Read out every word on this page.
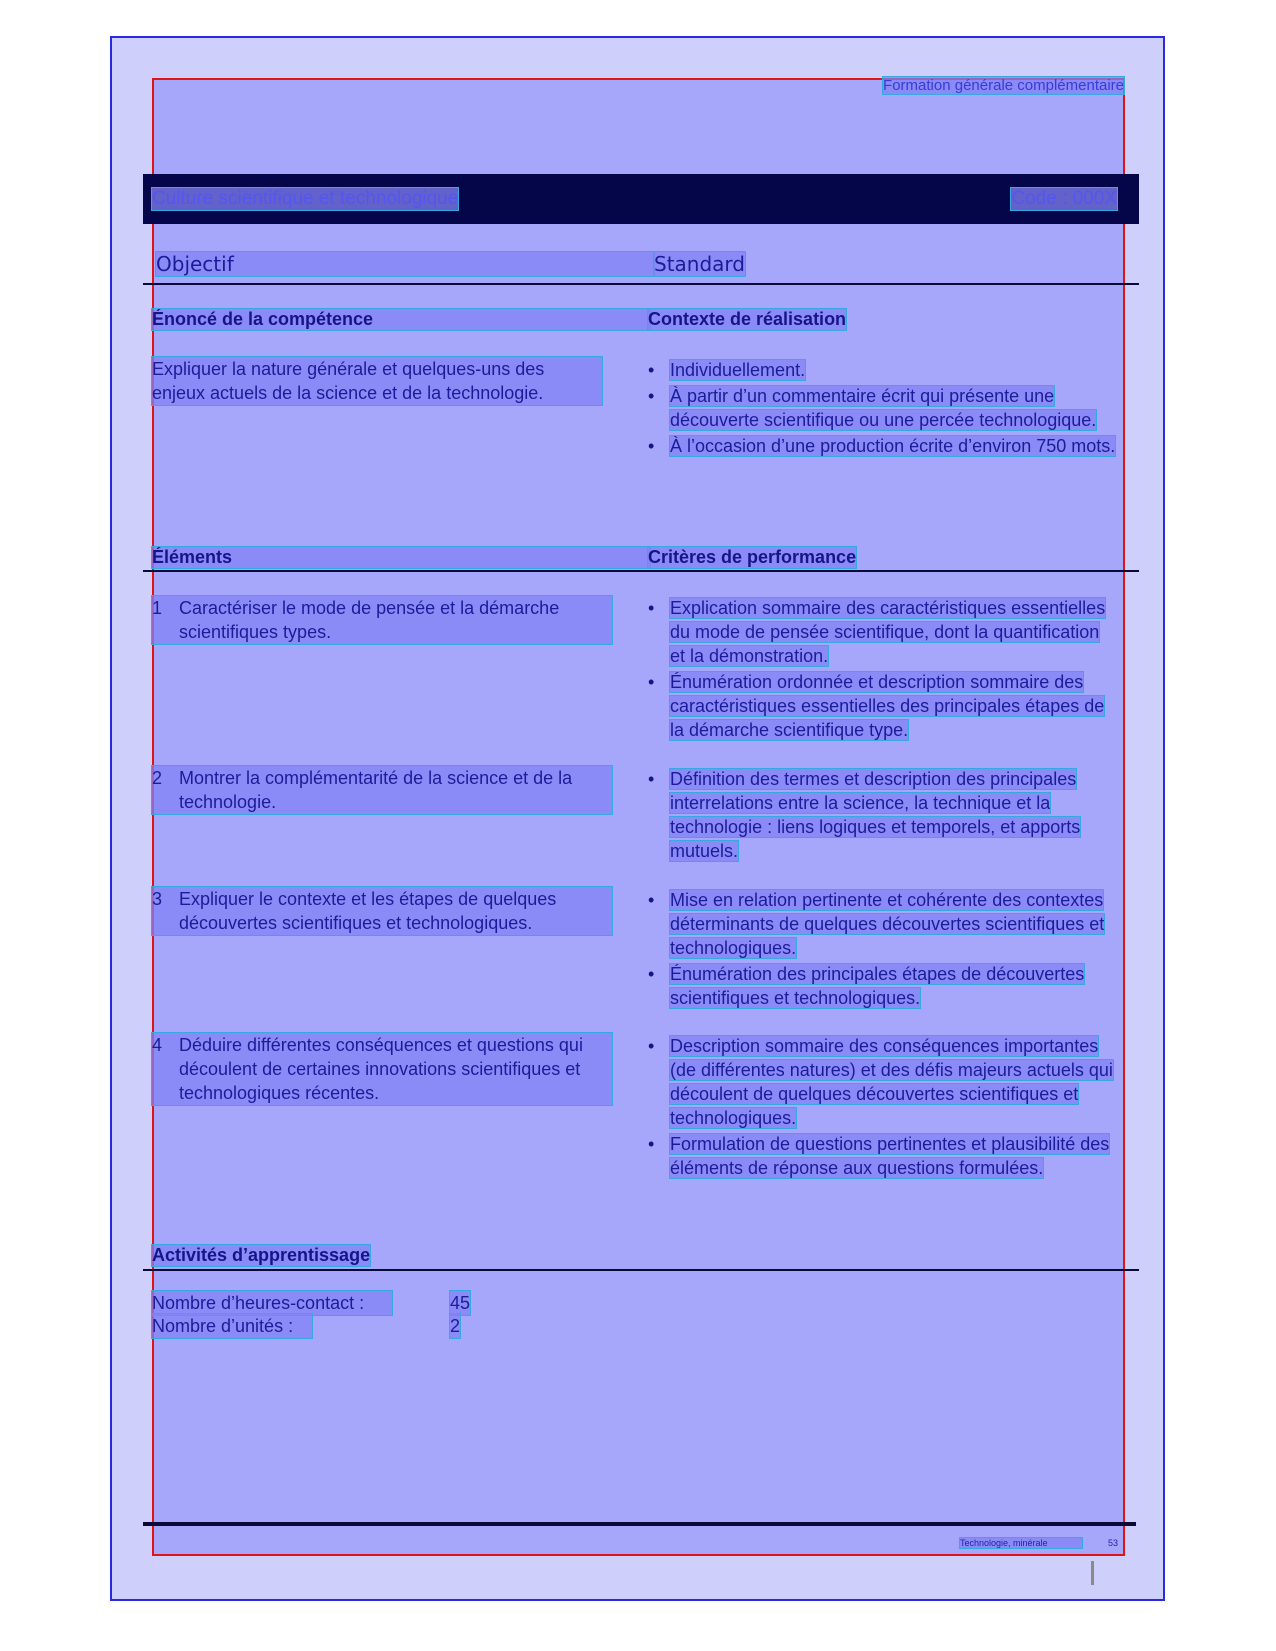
Formation générale complémentaire
Culture scientifique et technologique	Code : 000X
Objectif	Standard
Énoncé de la compétence	Contexte de réalisation
Expliquer la nature générale et quelques-uns des enjeux actuels de la science et de la technologie.
• Individuellement.
• À partir d’un commentaire écrit qui présente une découverte scientifique ou une percée technologique.
• À l’occasion d’une production écrite d’environ 750 mots.
Éléments	Critères de performance
1 Caractériser le mode de pensée et la démarche scientifiques types.
• Explication sommaire des caractéristiques essentielles du mode de pensée scientifique, dont la quantification et la démonstration.
• Énumération ordonnée et description sommaire des caractéristiques essentielles des principales étapes de la démarche scientifique type.
2 Montrer la complémentarité de la science et de la technologie.
• Définition des termes et description des principales interrelations entre la science, la technique et la technologie : liens logiques et temporels, et apports mutuels.
3 Expliquer le contexte et les étapes de quelques découvertes scientifiques et technologiques.
• Mise en relation pertinente et cohérente des contextes déterminants de quelques découvertes scientifiques et technologiques.
• Énumération des principales étapes de découvertes scientifiques et technologiques.
4 Déduire différentes conséquences et questions qui découlent de certaines innovations scientifiques et technologiques récentes.
• Description sommaire des conséquences importantes (de différentes natures) et des défis majeurs actuels qui découlent de quelques découvertes scientifiques et technologiques.
• Formulation de questions pertinentes et plausibilité des éléments de réponse aux questions formulées.
Activités d’apprentissage
Nombre d’heures-contact :	45
Nombre d’unités :	2
Technologie, minérale	53
